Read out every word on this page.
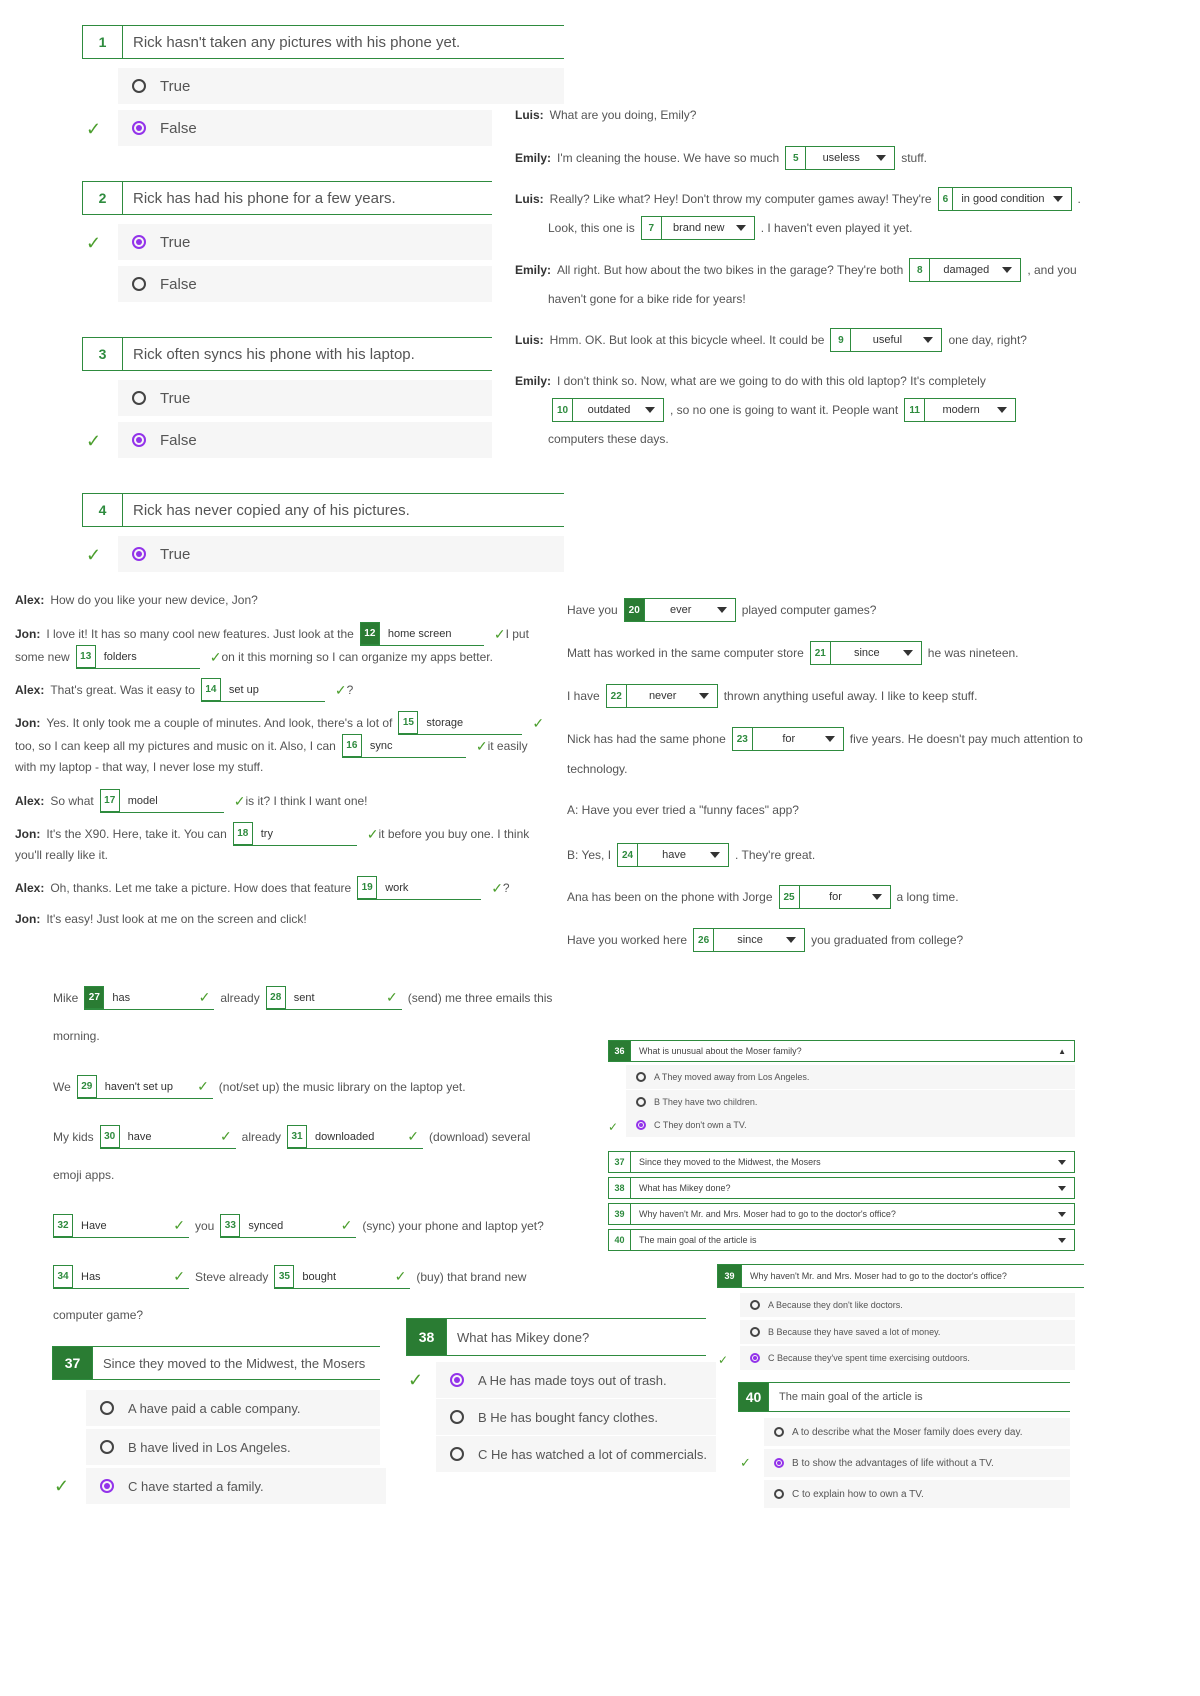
1	Rick hasn't taken any pictures with his phone yet.
True
✓	False
2	Rick has had his phone for a few years.
✓	True
False
3	Rick often syncs his phone with his laptop.
True
✓	False
4	Rick has never copied any of his pictures.
✓	True
Luis: What are you doing, Emily?
Emily: I'm cleaning the house. We have so much	5	useless	stuff.
Luis: Really? Like what? Hey! Don't throw my computer games away! They're	6	in good condition	.
Look, this one is	7	brand new	. I haven't even played it yet.
Emily: All right. But how about the two bikes in the garage? They're both	8	damaged	, and you
haven't gone for a bike ride for years!
Luis: Hmm. OK. But look at this bicycle wheel. It could be	9	useful	one day, right?
Emily: I don't think so. Now, what are we going to do with this old laptop? It's completely
10	outdated	, so no one is going to want it. People want	11	modern
computers these days.
Alex: How do you like your new device, Jon?
Jon: I love it! It has so many cool new features. Just look at the	12	home screen	✓ I put
some new	13	folders	✓ on it this morning so I can organize my apps better.
Alex: That's great. Was it easy to	14	set up	✓ ?
Jon: Yes. It only took me a couple of minutes. And look, there's a lot of	15	storage	✓
too, so I can keep all my pictures and music on it. Also, I can	16	sync	✓ it easily
with my laptop - that way, I never lose my stuff.
Alex: So what	17	model	✓ is it? I think I want one!
Jon: It's the X90. Here, take it. You can	18	try	✓ it before you buy one. I think
you'll really like it.
Alex: Oh, thanks. Let me take a picture. How does that feature	19	work	✓ ?
Jon: It's easy! Just look at me on the screen and click!
Have you	20	ever	played computer games?
Matt has worked in the same computer store	21	since	he was nineteen.
I have	22	never	thrown anything useful away. I like to keep stuff.
Nick has had the same phone	23	for	five years. He doesn't pay much attention to
technology.
A: Have you ever tried a "funny faces" app?
B: Yes, I	24	have	. They're great.
Ana has been on the phone with Jorge	25	for	a long time.
Have you worked here	26	since	you graduated from college?
Mike	27	has	✓ already	28	sent	✓ (send) me three emails this
morning.
We	29	haven't set up	✓ (not/set up) the music library on the laptop yet.
My kids	30	have	✓ already	31	downloaded	✓ (download) several
emoji apps.
32	Have	✓ you	33	synced	✓ (sync) your phone and laptop yet?
34	Has	✓ Steve already	35	bought	✓ (buy) that brand new
computer game?
36	What is unusual about the Moser family?	▲
A They moved away from Los Angeles.
B They have two children.
✓	C They don't own a TV.
37	Since they moved to the Midwest, the Mosers
38	What has Mikey done?
39	Why haven't Mr. and Mrs. Moser had to go to the doctor's office?
40	The main goal of the article is
39	Why haven't Mr. and Mrs. Moser had to go to the doctor's office?
A Because they don't like doctors.
B Because they have saved a lot of money.
✓	C Because they've spent time exercising outdoors.
37	Since they moved to the Midwest, the Mosers
A have paid a cable company.
B have lived in Los Angeles.
✓	C have started a family.
38	What has Mikey done?
✓	A He has made toys out of trash.
B He has bought fancy clothes.
C He has watched a lot of commercials.
40	The main goal of the article is
A to describe what the Moser family does every day.
✓	B to show the advantages of life without a TV.
C to explain how to own a TV.
